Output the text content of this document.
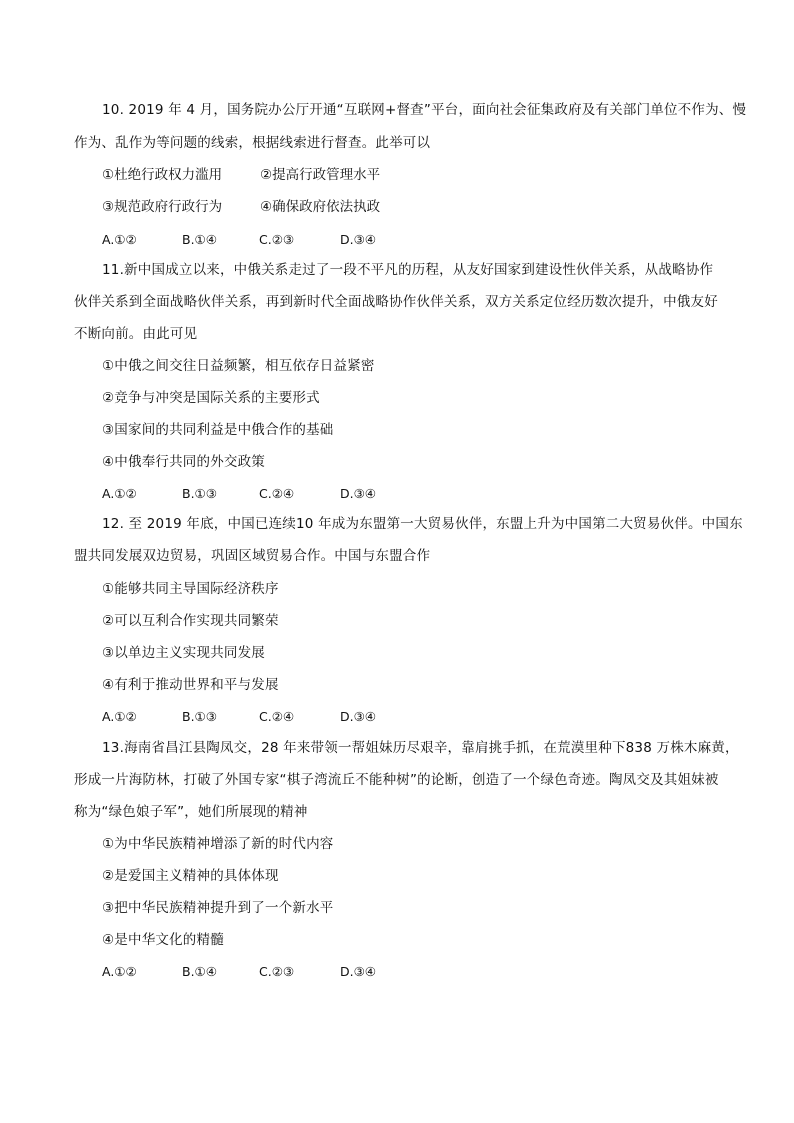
10. 2019 年 4 月，国务院办公厅开通“互联网+督查”平台，面向社会征集政府及有关部门单位不作为、慢
作为、乱作为等问题的线索，根据线索进行督查。此举可以
①杜绝行政权力滥用	②提高行政管理水平
③规范政府行政行为	④确保政府依法执政
A.①②	B.①④	C.②③	D.③④
11.新中国成立以来，中俄关系走过了一段不平凡的历程，从友好国家到建设性伙伴关系，从战略协作
伙伴关系到全面战略伙伴关系，再到新时代全面战略协作伙伴关系，双方关系定位经历数次提升，中俄友好
不断向前。由此可见
①中俄之间交往日益频繁，相互依存日益紧密
②竞争与冲突是国际关系的主要形式
③国家间的共同利益是中俄合作的基础
④中俄奉行共同的外交政策
A.①②	B.①③	C.②④	D.③④
12. 至 2019 年底，中国已连续10 年成为东盟第一大贸易伙伴，东盟上升为中国第二大贸易伙伴。中国东
盟共同发展双边贸易，巩固区域贸易合作。中国与东盟合作
①能够共同主导国际经济秩序
②可以互利合作实现共同繁荣
③以单边主义实现共同发展
④有利于推动世界和平与发展
A.①②	B.①③	C.②④	D.③④
13.海南省昌江县陶凤交，28 年来带领一帮姐妹历尽艰辛，靠肩挑手抓，在荒漠里种下838 万株木麻黄，
形成一片海防林，打破了外国专家“棋子湾流丘不能种树”的论断，创造了一个绿色奇迹。陶凤交及其姐妹被
称为“绿色娘子军”，她们所展现的精神
①为中华民族精神增添了新的时代内容
②是爱国主义精神的具体体现
③把中华民族精神提升到了一个新水平
④是中华文化的精髓
A.①②	B.①④	C.②③	D.③④
